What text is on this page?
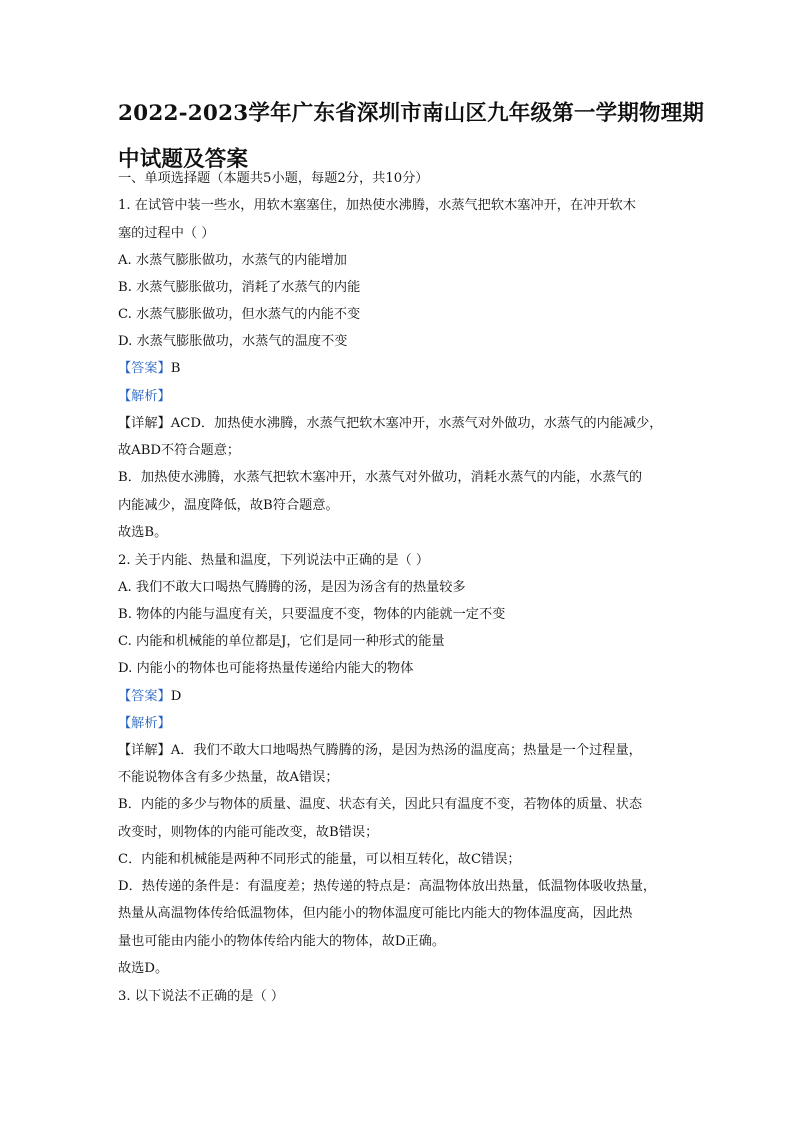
2022-2023学年广东省深圳市南山区九年级第一学期物理期
中试题及答案
一、单项选择题（本题共5小题，每题2分，共10分）
1. 在试管中装一些水，用软木塞塞住，加热使水沸腾，水蒸气把软木塞冲开，在冲开软木
塞的过程中（ ）
A. 水蒸气膨胀做功，水蒸气的内能增加
B. 水蒸气膨胀做功，消耗了水蒸气的内能
C. 水蒸气膨胀做功，但水蒸气的内能不变
D. 水蒸气膨胀做功，水蒸气的温度不变
【答案】B
【解析】
【详解】ACD．加热使水沸腾，水蒸气把软木塞冲开，水蒸气对外做功，水蒸气的内能减少，
故ABD不符合题意；
B．加热使水沸腾，水蒸气把软木塞冲开，水蒸气对外做功，消耗水蒸气的内能，水蒸气的
内能减少，温度降低，故B符合题意。
故选B。
2. 关于内能、热量和温度，下列说法中正确的是（ ）
A. 我们不敢大口喝热气腾腾的汤，是因为汤含有的热量较多
B. 物体的内能与温度有关，只要温度不变，物体的内能就一定不变
C. 内能和机械能的单位都是J，它们是同一种形式的能量
D. 内能小的物体也可能将热量传递给内能大的物体
【答案】D
【解析】
【详解】A．我们不敢大口地喝热气腾腾的汤，是因为热汤的温度高；热量是一个过程量，
不能说物体含有多少热量，故A错误；
B．内能的多少与物体的质量、温度、状态有关，因此只有温度不变，若物体的质量、状态
改变时，则物体的内能可能改变，故B错误；
C．内能和机械能是两种不同形式的能量，可以相互转化，故C错误；
D．热传递的条件是：有温度差；热传递的特点是：高温物体放出热量，低温物体吸收热量，
热量从高温物体传给低温物体，但内能小的物体温度可能比内能大的物体温度高，因此热
量也可能由内能小的物体传给内能大的物体，故D正确。
故选D。
3. 以下说法不正确的是（ ）
